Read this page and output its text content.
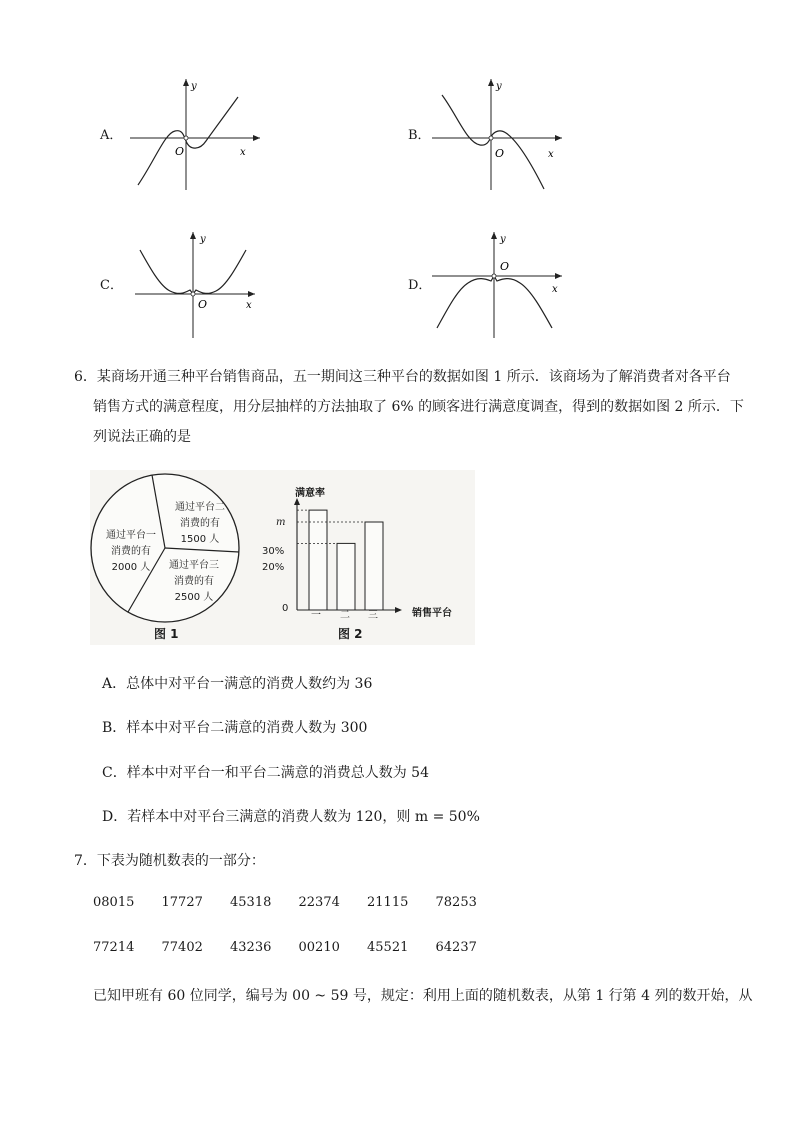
A．
y
x
O
B．
y
x
O
C．
y
x
O
D．
y
x
O
6．某商场开通三种平台销售商品，五一期间这三种平台的数据如图 1 所示．该商场为了解消费者对各平台
销售方式的满意程度，用分层抽样的方法抽取了 6% 的顾客进行满意度调查，得到的数据如图 2 所示．下
列说法正确的是
通过平台一
消费的有
2000 人
通过平台二
消费的有
1500 人
通过平台三
消费的有
2500 人
图 1
满意率
销售平台
0
m
30%
20%
一 二 三
图 2
A．总体中对平台一满意的消费人数约为 36
B．样本中对平台二满意的消费人数为 300
C．样本中对平台一和平台二满意的消费总人数为 54
D．若样本中对平台三满意的消费人数为 120，则 m = 50%
7．下表为随机数表的一部分：
08015 17727 45318 22374 21115 78253
77214 77402 43236 00210 45521 64237
已知甲班有 60 位同学，编号为 00 ~ 59 号，规定：利用上面的随机数表，从第 1 行第 4 列的数开始，从
